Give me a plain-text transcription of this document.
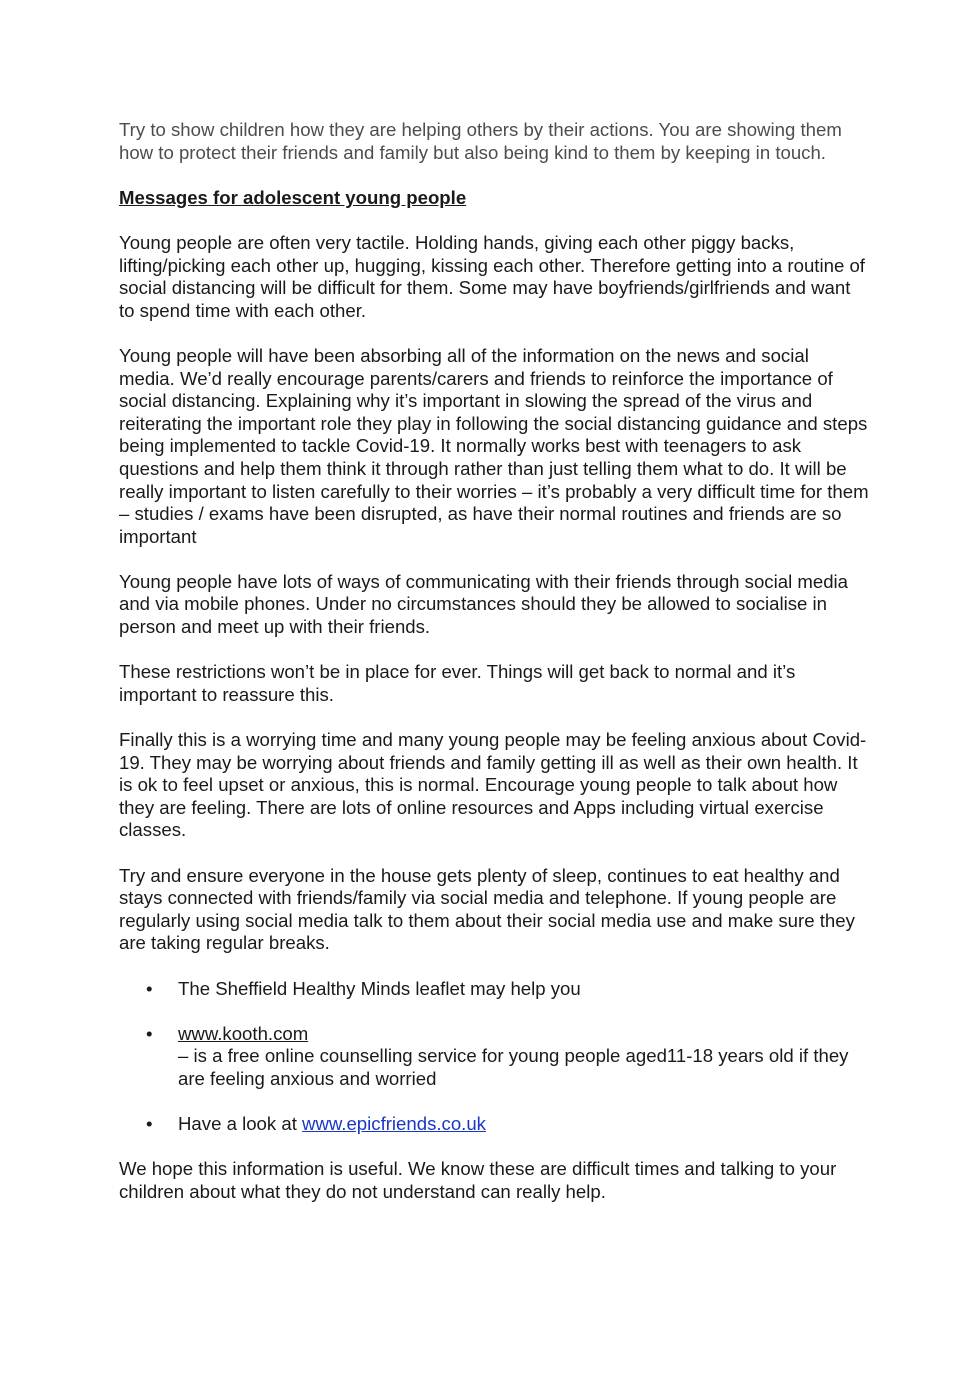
Try to show children how they are helping others by their actions. You are showing them how to protect their friends and family but also being kind to them by keeping in touch.

Messages for adolescent young people

Young people are often very tactile. Holding hands, giving each other piggy backs, lifting/picking each other up, hugging, kissing each other. Therefore getting into a routine of social distancing will be difficult for them. Some may have boyfriends/girlfriends and want to spend time with each other.

Young people will have been absorbing all of the information on the news and social media. We’d really encourage parents/carers and friends to reinforce the importance of social distancing. Explaining why it’s important in slowing the spread of the virus and reiterating the important role they play in following the social distancing guidance and steps being implemented to tackle Covid-19. It normally works best with teenagers to ask questions and help them think it through rather than just telling them what to do. It will be really important to listen carefully to their worries – it’s probably a very difficult time for them – studies / exams have been disrupted, as have their normal routines and friends are so important

Young people have lots of ways of communicating with their friends through social media and via mobile phones. Under no circumstances should they be allowed to socialise in person and meet up with their friends.

These restrictions won’t be in place for ever. Things will get back to normal and it’s important to reassure this.

Finally this is a worrying time and many young people may be feeling anxious about Covid-19. They may be worrying about friends and family getting ill as well as their own health. It is ok to feel upset or anxious, this is normal. Encourage young people to talk about how they are feeling. There are lots of online resources and Apps including virtual exercise classes.

Try and ensure everyone in the house gets plenty of sleep, continues to eat healthy and stays connected with friends/family via social media and telephone. If young people are regularly using social media talk to them about their social media use and make sure they are taking regular breaks.

• The Sheffield Healthy Minds leaflet may help you
• www.kooth.com
– is a free online counselling service for young people aged11-18 years old if they are feeling anxious and worried
• Have a look at www.epicfriends.co.uk

We hope this information is useful. We know these are difficult times and talking to your children about what they do not understand can really help.
